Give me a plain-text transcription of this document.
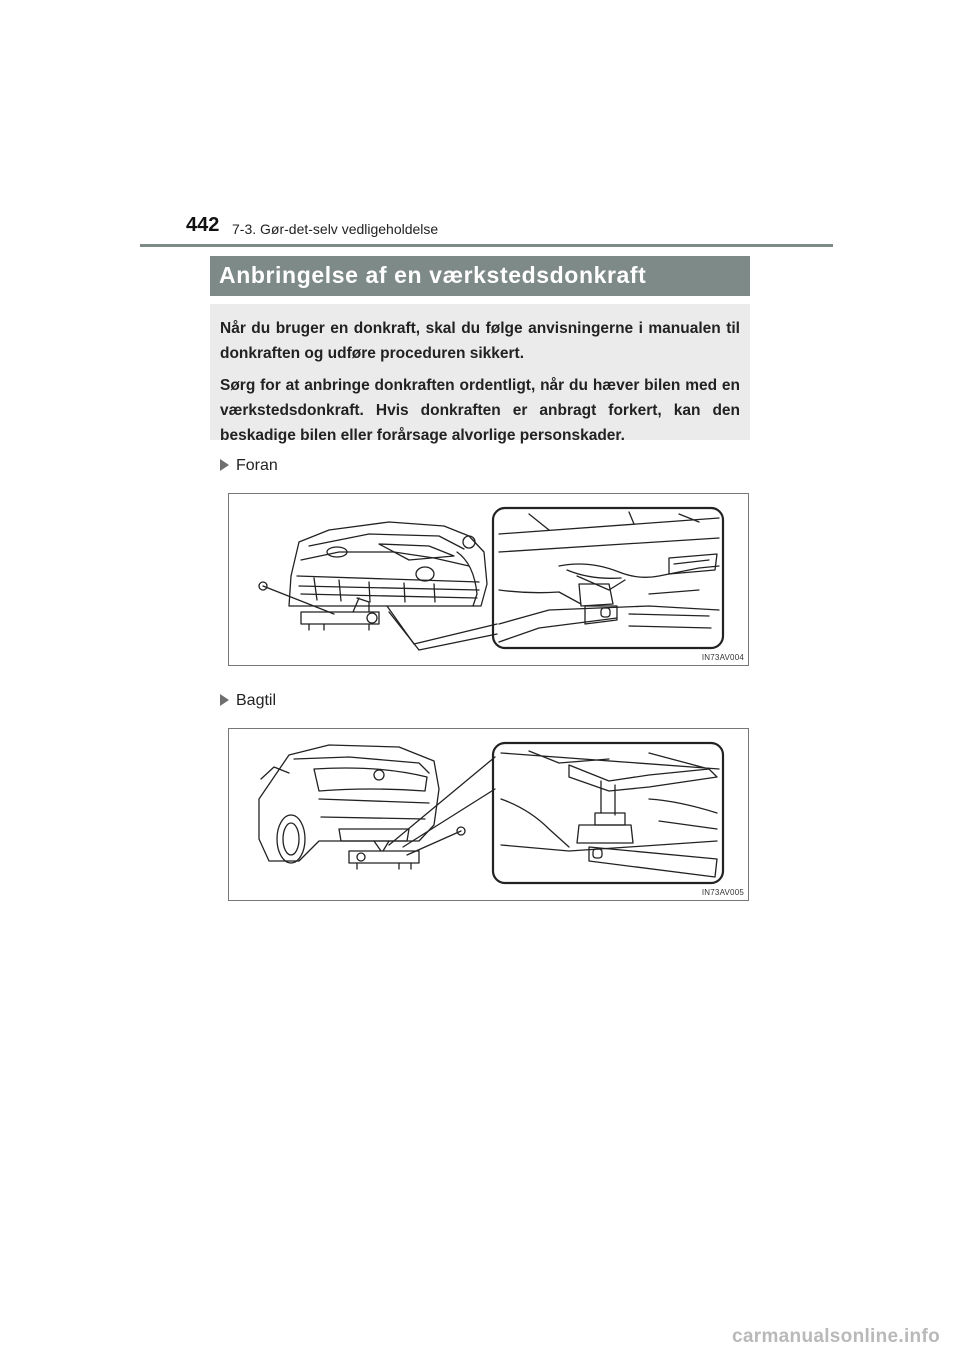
442 7-3. Gør-det-selv vedligeholdelse
Anbringelse af en værkstedsdonkraft

Når du bruger en donkraft, skal du følge anvisningerne i manualen til donkraften og udføre proceduren sikkert.

Sørg for at anbringe donkraften ordentligt, når du hæver bilen med en værkstedsdonkraft. Hvis donkraften er anbragt forkert, kan den beskadige bilen eller forårsage alvorlige personskader.

Foran
IN73AV004
Bagtil
IN73AV005
carmanualsonline.info
